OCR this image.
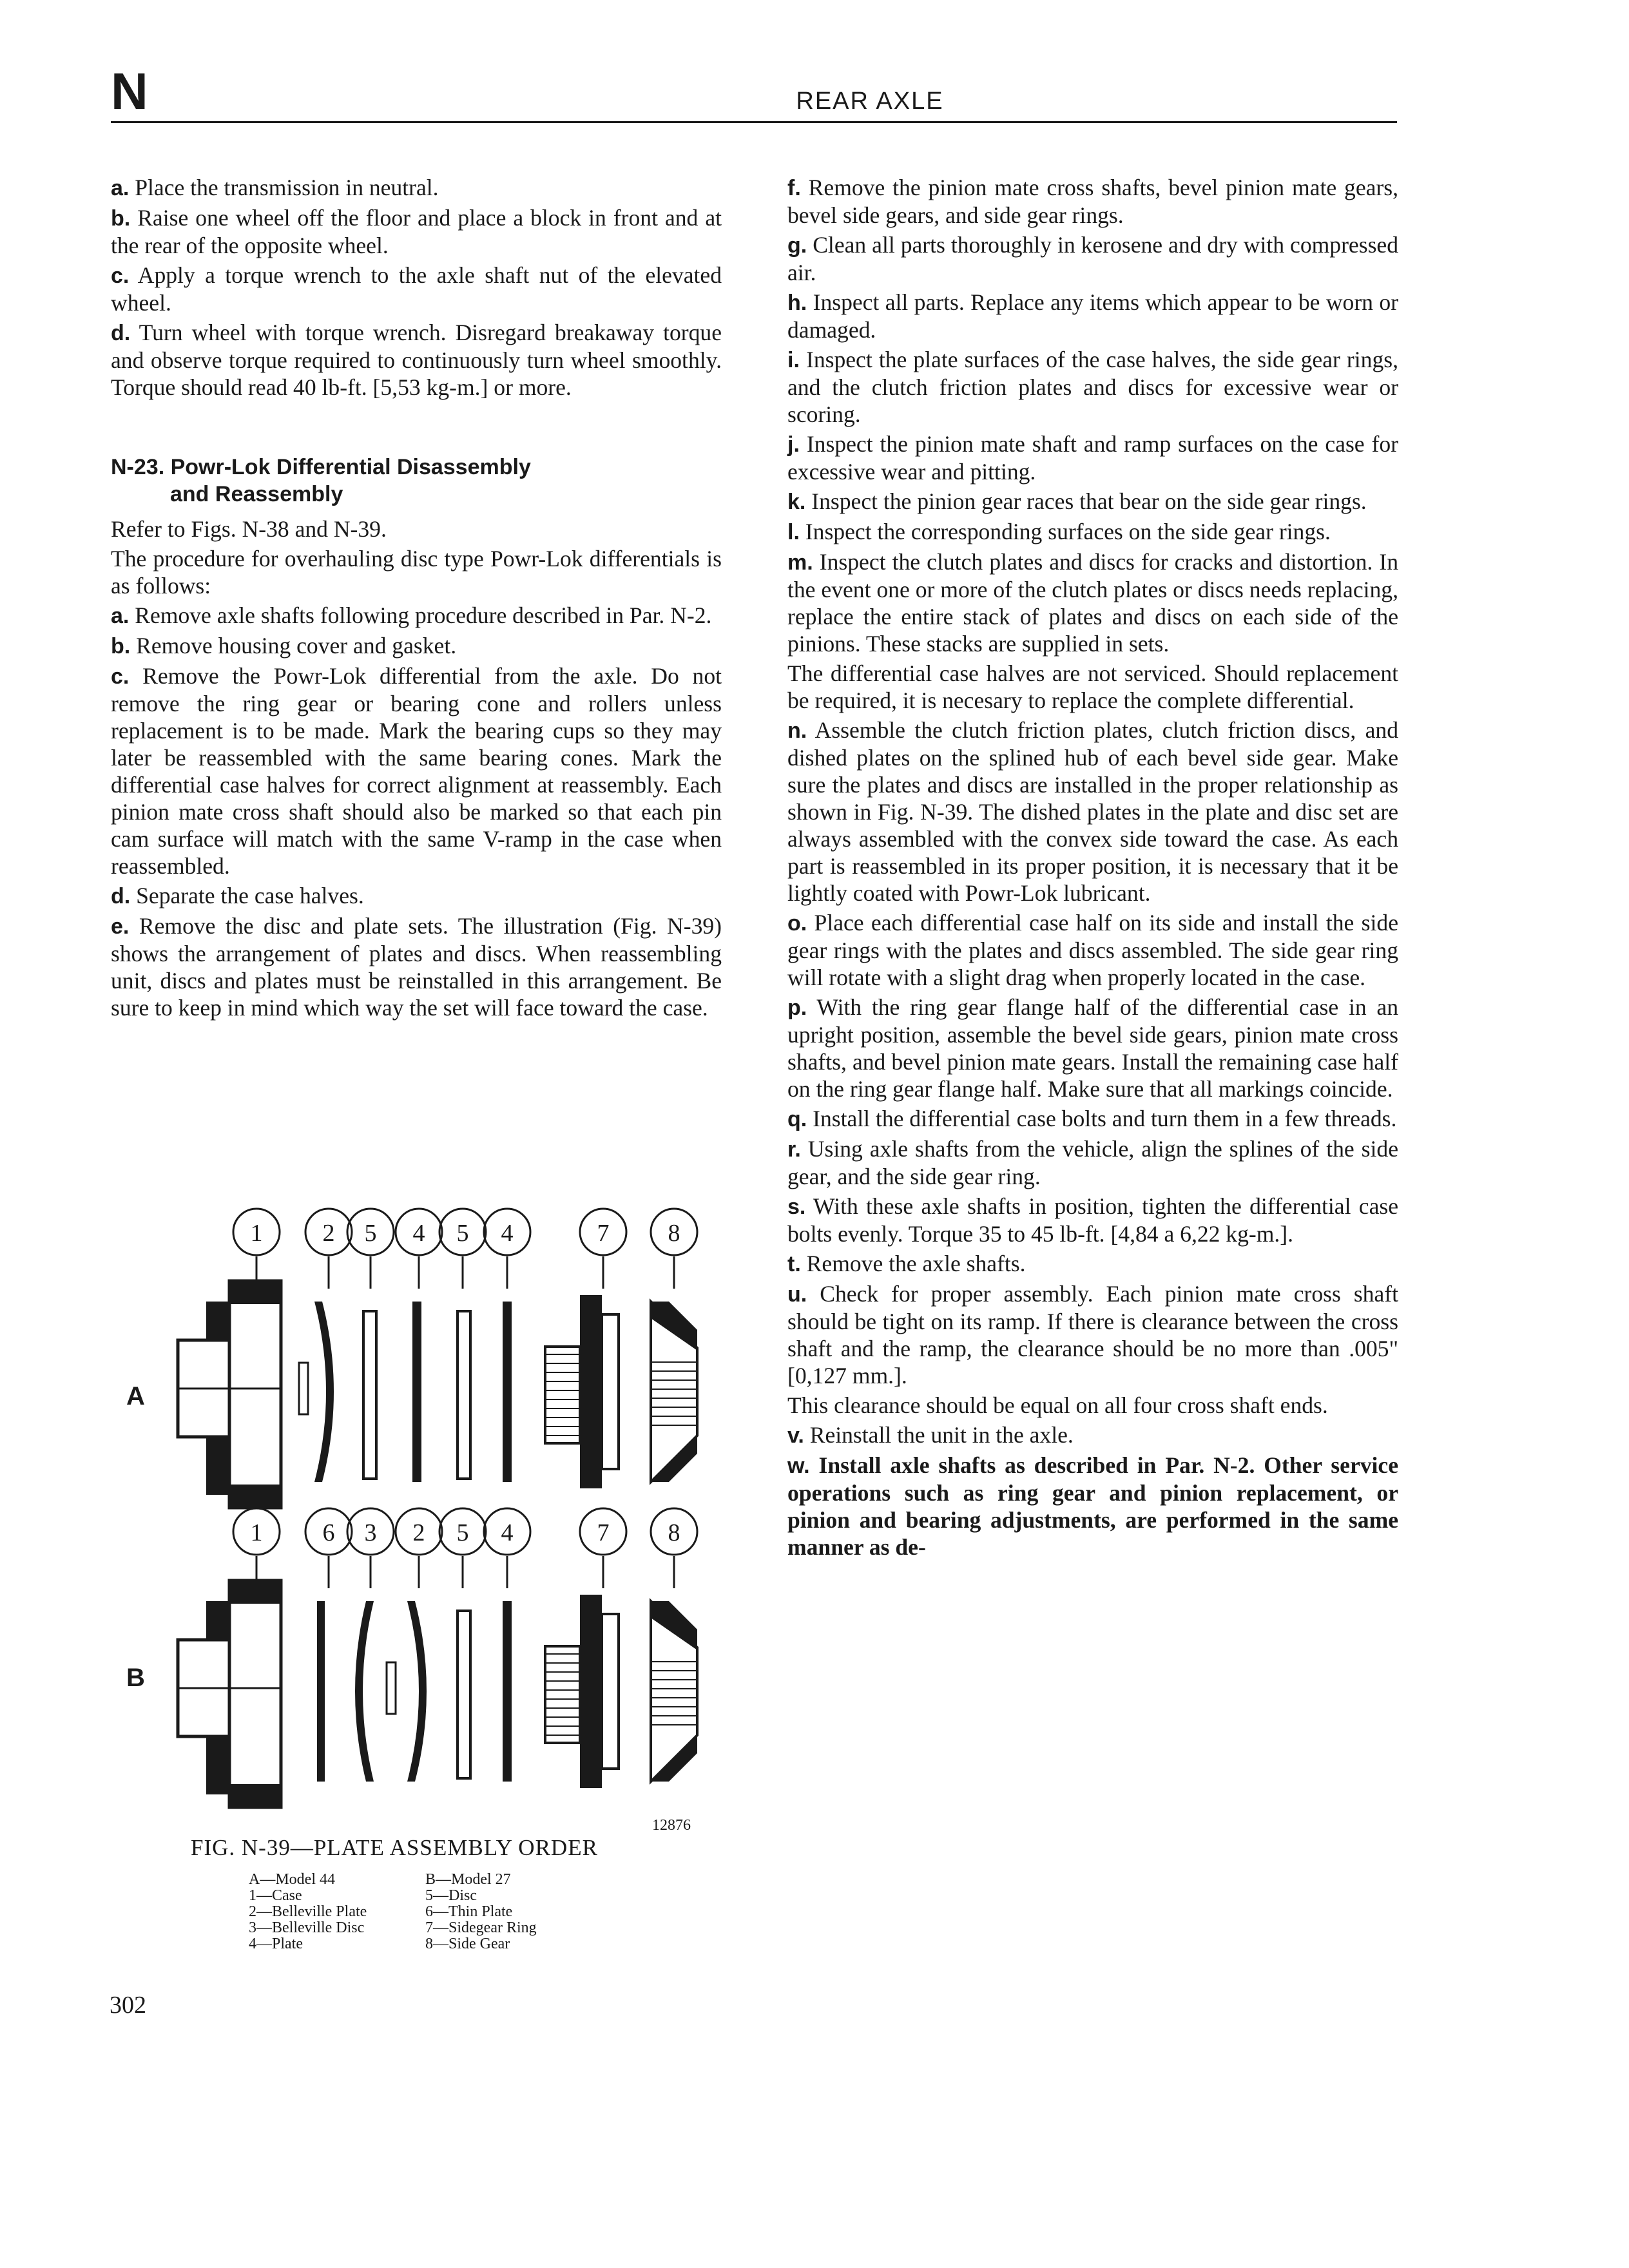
N	REAR AXLE

a. Place the transmission in neutral.

b. Raise one wheel off the floor and place a block in front and at the rear of the opposite wheel.

c. Apply a torque wrench to the axle shaft nut of the elevated wheel.

d. Turn wheel with torque wrench. Disregard breakaway torque and observe torque required to continuously turn wheel smoothly. Torque should read 40 lb-ft. [5,53 kg-m.] or more.

N-23. Powr-Lok Differential Disassembly
and Reassembly

Refer to Figs. N-38 and N-39.

The procedure for overhauling disc type Powr-Lok differentials is as follows:

a. Remove axle shafts following procedure described in Par. N-2.

b. Remove housing cover and gasket.

c. Remove the Powr-Lok differential from the axle. Do not remove the ring gear or bearing cone and rollers unless replacement is to be made. Mark the bearing cups so they may later be reassembled with the same bearing cones. Mark the differential case halves for correct alignment at reassembly. Each pinion mate cross shaft should also be marked so that each pin cam surface will match with the same V-ramp in the case when reassembled.

d. Separate the case halves.

e. Remove the disc and plate sets. The illustration (Fig. N-39) shows the arrangement of plates and discs. When reassembling unit, discs and plates must be reinstalled in this arrangement. Be sure to keep in mind which way the set will face toward the case.

f. Remove the pinion mate cross shafts, bevel pinion mate gears, bevel side gears, and side gear rings.

g. Clean all parts thoroughly in kerosene and dry with compressed air.

h. Inspect all parts. Replace any items which appear to be worn or damaged.

i. Inspect the plate surfaces of the case halves, the side gear rings, and the clutch friction plates and discs for excessive wear or scoring.

j. Inspect the pinion mate shaft and ramp surfaces on the case for excessive wear and pitting.

k. Inspect the pinion gear races that bear on the side gear rings.

l. Inspect the corresponding surfaces on the side gear rings.

m. Inspect the clutch plates and discs for cracks and distortion. In the event one or more of the clutch plates or discs needs replacing, replace the entire stack of plates and discs on each side of the pinions. These stacks are supplied in sets.

The differential case halves are not serviced. Should replacement be required, it is necesary to replace the complete differential.

n. Assemble the clutch friction plates, clutch friction discs, and dished plates on the splined hub of each bevel side gear. Make sure the plates and discs are installed in the proper relationship as shown in Fig. N-39. The dished plates in the plate and disc set are always assembled with the convex side toward the case. As each part is reassembled in its proper position, it is necessary that it be lightly coated with Powr-Lok lubricant.

o. Place each differential case half on its side and install the side gear rings with the plates and discs assembled. The side gear ring will rotate with a slight drag when properly located in the case.

p. With the ring gear flange half of the differential case in an upright position, assemble the bevel side gears, pinion mate cross shafts, and bevel pinion mate gears. Install the remaining case half on the ring gear flange half. Make sure that all markings coincide.

q. Install the differential case bolts and turn them in a few threads.

r. Using axle shafts from the vehicle, align the splines of the side gear, and the side gear ring.

s. With these axle shafts in position, tighten the differential case bolts evenly. Torque 35 to 45 lb-ft. [4,84 a 6,22 kg-m.].

t. Remove the axle shafts.

u. Check for proper assembly. Each pinion mate cross shaft should be tight on its ramp. If there is clearance between the cross shaft and the ramp, the clearance should be no more than .005" [0,127 mm.].

This clearance should be equal on all four cross shaft ends.

v. Reinstall the unit in the axle.

w. Install axle shafts as described in Par. N-2. Other service operations such as ring gear and pinion replacement, or pinion and bearing adjustments, are performed in the same manner as de-

A
1 2 5 4 5 4	7 8
B
1 6 3 2 5 4	7 8
12876
FIG. N-39—PLATE ASSEMBLY ORDER
A—Model 44
1—Case
2—Belleville Plate
3—Belleville Disc
4—Plate
B—Model 27
5—Disc
6—Thin Plate
7—Sidegear Ring
8—Side Gear
302
